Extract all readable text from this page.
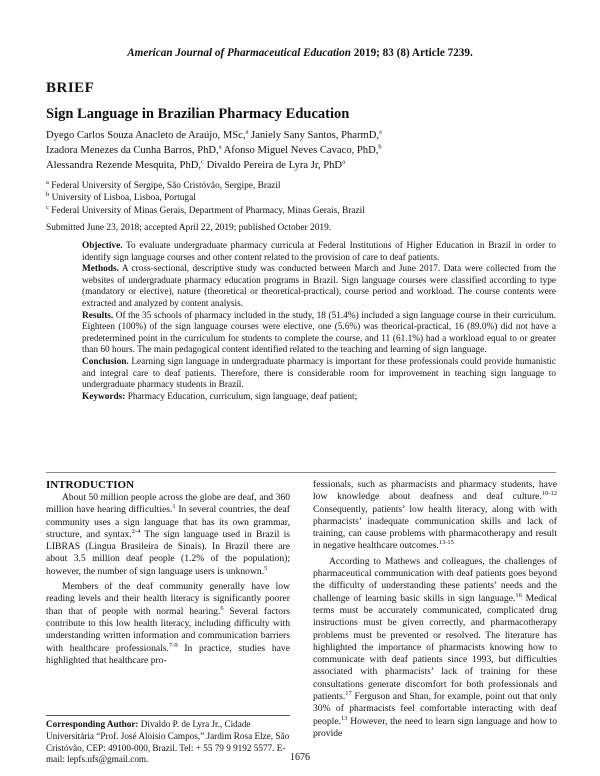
American Journal of Pharmaceutical Education 2019; 83 (8) Article 7239.
BRIEF
Sign Language in Brazilian Pharmacy Education
Dyego Carlos Souza Anacleto de Araújo, MSc,$^a$ Janiely Sany Santos, PharmD,$^a$
Izadora Menezes da Cunha Barros, PhD,$^a$ Afonso Miguel Neves Cavaco, PhD,$^b$
Alessandra Rezende Mesquita, PhD,$^c$ Divaldo Pereira de Lyra Jr, PhD$^a$
$^a$ Federal University of Sergipe, São Cristóvão, Sergipe, Brazil
$^b$ University of Lisboa, Lisboa, Portugal
$^c$ Federal University of Minas Gerais, Department of Pharmacy, Minas Gerais, Brazil
Submitted June 23, 2018; accepted April 22, 2019; published October 2019.

Objective. To evaluate undergraduate pharmacy curricula at Federal Institutions of Higher Education in Brazil in order to identify sign language courses and other content related to the provision of care to deaf patients.

Methods. A cross-sectional, descriptive study was conducted between March and June 2017. Data were collected from the websites of undergraduate pharmacy education programs in Brazil. Sign language courses were classified according to type (mandatory or elective), nature (theoretical or theoretical-practical), course period and workload. The course contents were extracted and analyzed by content analysis.

Results. Of the 35 schools of pharmacy included in the study, 18 (51.4%) included a sign language course in their curriculum. Eighteen (100%) of the sign language courses were elective, one (5.6%) was theorical-practical, 16 (89.0%) did not have a predetermined point in the curriculum for students to complete the course, and 11 (61.1%) had a workload equal to or greater than 60 hours. The main pedagogical content identified related to the teaching and learning of sign language.

Conclusion. Learning sign language in undergraduate pharmacy is important for these professionals could provide humanistic and integral care to deaf patients. Therefore, there is considerable room for improvement in teaching sign language to undergraduate pharmacy students in Brazil.

Keywords: Pharmacy Education, curriculum, sign language, deaf patient;

INTRODUCTION

About 50 million people across the globe are deaf, and 360 million have hearing difficulties.$^1$ In several countries, the deaf community uses a sign language that has its own grammar, structure, and syntax.$^{2-4}$ The sign language used in Brazil is LIBRAS (Lingua Brasileira de Sinais). In Brazil there are about 3.5 million deaf people (1.2% of the population); however, the number of sign language users is unknown.$^5$

Members of the deaf community generally have low reading levels and their health literacy is significantly poorer than that of people with normal hearing.$^6$ Several factors contribute to this low health literacy, including difficulty with understanding written information and communication barriers with healthcare professionals.$^{7-9}$ In practice, studies have highlighted that healthcare pro-

fessionals, such as pharmacists and pharmacy students, have low knowledge about deafness and deaf culture.$^{10-12}$ Consequently, patients’ low health literacy, along with with pharmacists’ inadequate communication skills and lack of training, can cause problems with pharmacotherapy and result in negative healthcare outcomes.$^{13-15}$

According to Mathews and colleagues, the challenges of pharmaceutical communication with deaf patients goes beyond the difficulty of understanding these patients’ needs and the challenge of learning basic skills in sign language.$^{16}$ Medical terms must be accurately communicated, complicated drug instructions must be given correctly, and pharmacotherapy problems must be prevented or resolved. The literature has highlighted the importance of pharmacists knowing how to communicate with deaf patients since 1993, but difficulties associated with pharmacists’ lack of training for these consultations generate discomfort for both professionals and patients.$^{17}$ Ferguson and Shan, for example, point out that only 30% of pharmacists feel comfortable interacting with deaf people.$^{13}$ However, the need to learn sign language and how to provide

Corresponding Author: Divaldo P. de Lyra Jr., Cidade Universitária “Prof. José Aloísio Campos,” Jardim Rosa Elze, São Cristóvão, CEP: 49100-000, Brazil. Tel: + 55 79 9 9192 5577. E-mail: lepfs.ufs@gmail.com.	1676
